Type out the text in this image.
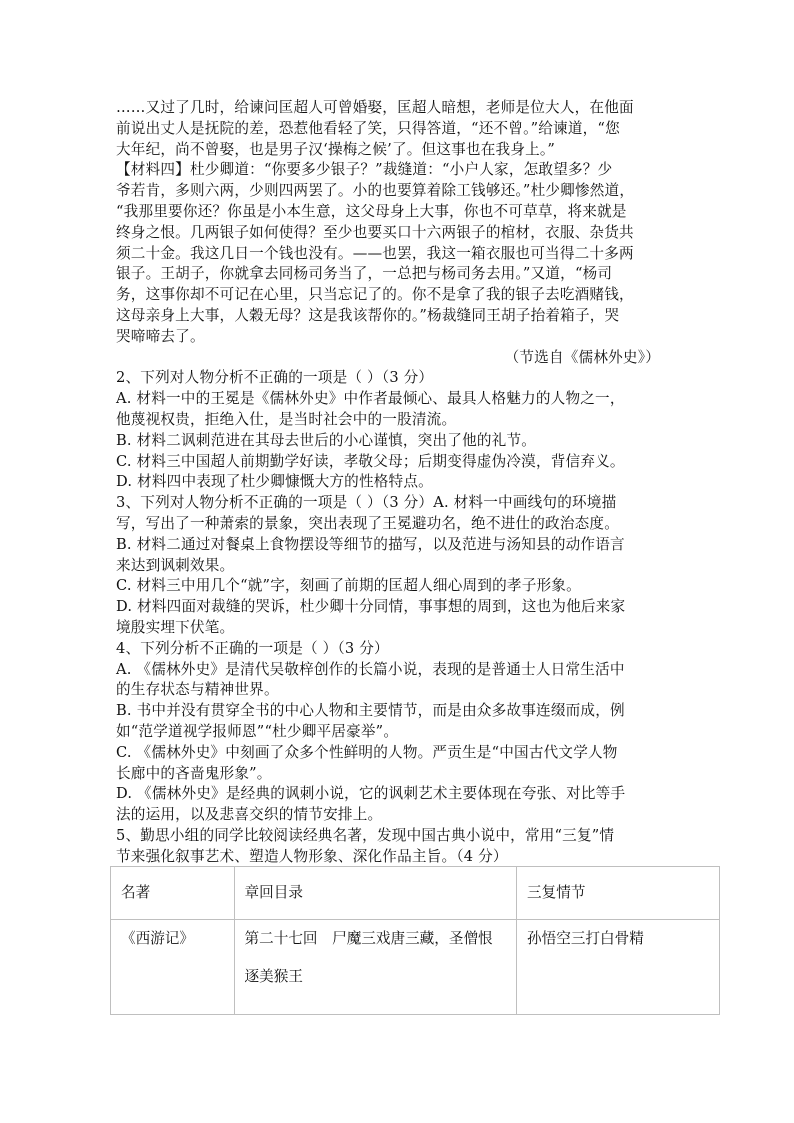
……又过了几时，给谏问匡超人可曾婚娶，匡超人暗想，老师是位大人，在他面

前说出丈人是抚院的差，恐惹他看轻了笑，只得答道，“还不曾。”给谏道，“您

大年纪，尚不曾娶，也是男子汉‘操梅之候’了。但这事也在我身上。”

【材料四】杜少卿道：“你要多少银子？”裁缝道：“小户人家，怎敢望多？少

爷若肯，多则六两，少则四两罢了。小的也要算着除工钱够还。”杜少卿惨然道，

“我那里要你还？你虽是小本生意，这父母身上大事，你也不可草草，将来就是

终身之恨。几两银子如何使得？至少也要买口十六两银子的棺材，衣服、杂货共

须二十金。我这几日一个钱也没有。——也罢，我这一箱衣服也可当得二十多两

银子。王胡子，你就拿去同杨司务当了，一总把与杨司务去用。”又道，“杨司

务，这事你却不可记在心里，只当忘记了的。你不是拿了我的银子去吃酒赌钱，

这母亲身上大事，人穀无母？这是我该帮你的。”杨裁缝同王胡子抬着箱子，哭

哭啼啼去了。

（节选自《儒林外史》）

2、下列对人物分析不正确的一项是（ ）（3 分）

A. 材料一中的王冕是《儒林外史》中作者最倾心、最具人格魅力的人物之一，

他蔑视权贵，拒绝入仕，是当时社会中的一股清流。

B. 材料二讽刺范进在其母去世后的小心谨慎，突出了他的礼节。

C. 材料三中国超人前期勤学好读，孝敬父母；后期变得虚伪冷漠，背信弃义。

D. 材料四中表现了杜少卿慷慨大方的性格特点。

3、下列对人物分析不正确的一项是（ ）（3 分）A. 材料一中画线句的环境描

写，写出了一种萧索的景象，突出表现了王冕避功名，绝不进仕的政治态度。

B. 材料二通过对餐桌上食物摆设等细节的描写，以及范进与汤知县的动作语言

来达到讽刺效果。

C. 材料三中用几个“就”字，刻画了前期的匡超人细心周到的孝子形象。

D. 材料四面对裁缝的哭诉，杜少卿十分同情，事事想的周到，这也为他后来家

境殷实埋下伏笔。

4、下列分析不正确的一项是（ ）（3 分）

A. 《儒林外史》是清代吴敬梓创作的长篇小说，表现的是普通士人日常生活中

的生存状态与精神世界。

B. 书中并没有贯穿全书的中心人物和主要情节，而是由众多故事连缀而成，例

如“范学道视学报师恩”“杜少卿平居豪举”。

C. 《儒林外史》中刻画了众多个性鲜明的人物。严贡生是“中国古代文学人物

长廊中的吝啬鬼形象”。

D. 《儒林外史》是经典的讽刺小说，它的讽刺艺术主要体现在夸张、对比等手

法的运用，以及悲喜交织的情节安排上。

5、勤思小组的同学比较阅读经典名著，发现中国古典小说中，常用“三复”情

节来强化叙事艺术、塑造人物形象、深化作品主旨。（4 分）

名著	章回目录	三复情节
《西游记》	第二十七回　尸魔三戏唐三藏，圣僧恨逐美猴王	孙悟空三打白骨精
